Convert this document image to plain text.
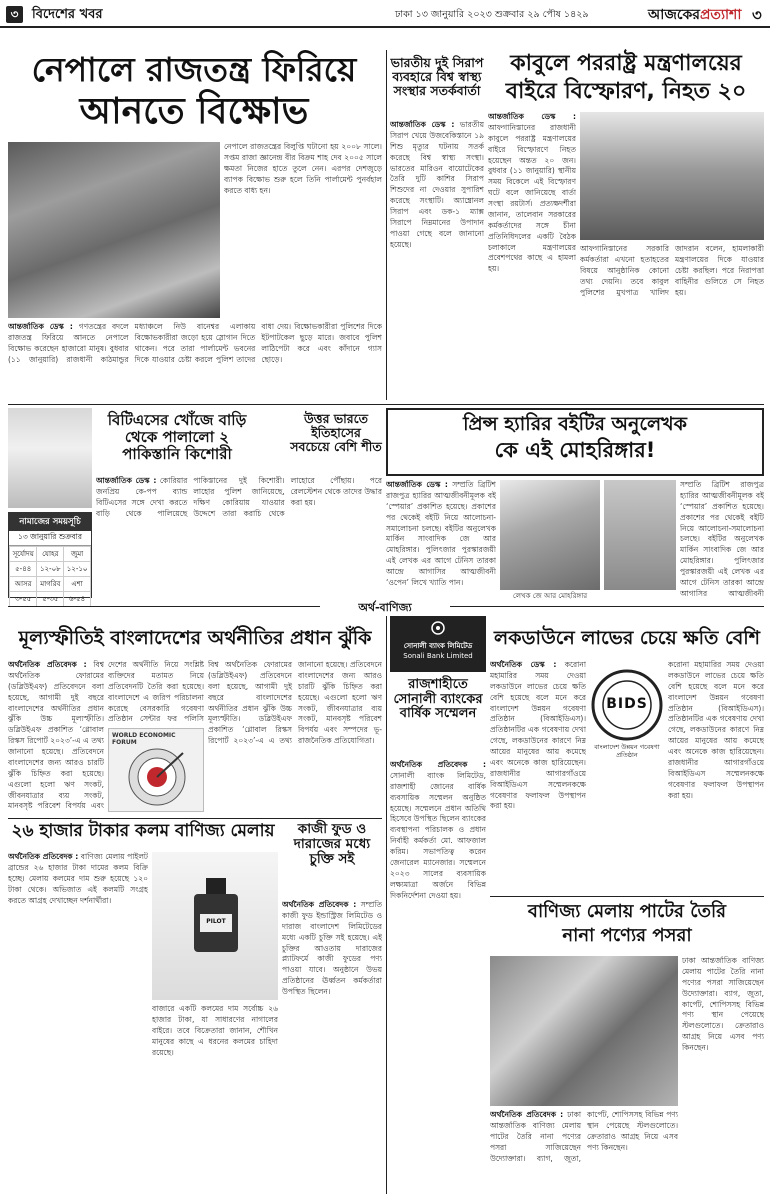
৩	বিদেশের খবর	ঢাকা ১৩ জানুয়ারি ২০২৩ শুক্রবার ২৯ পৌষ ১৪২৯	আজকেরপ্রত্যাশা ৩
নেপালে রাজতন্ত্র ফিরিয়ে
আনতে বিক্ষোভ
নেপালে রাজতন্ত্রের বিলুপ্তি ঘটানো হয় ২০০৮ সালে। সপ্তম রাজা জ্ঞানেন্দ্র বীর বিক্রম শাহ দেব ২০০৫ সালে ক্ষমতা নিজের হাতে তুলে নেন। এরপর দেশজুড়ে ব্যাপক বিক্ষোভ শুরু হলে তিনি পার্লামেন্ট পুনর্বহাল করতে বাধ্য হন।
আন্তর্জাতিক ডেস্ক : গণতন্ত্রের বদলে রাজতন্ত্র ফিরিয়ে আনতে নেপালে বিক্ষোভ করেছেন হাজারো মানুষ। বুধবার (১১ জানুয়ারি) রাজধানী কাঠমান্ডুর মধ্যাঞ্চলে নিউ বানেশ্বর এলাকায় বিক্ষোভকারীরা জড়ো হয়ে স্লোগান দিতে থাকেন। পরে তারা পার্লামেন্ট ভবনের দিকে যাওয়ার চেষ্টা করলে পুলিশ তাদের বাধা দেয়। বিক্ষোভকারীরা পুলিশের দিকে ইটপাটকেল ছুড়ে মারে। জবাবে পুলিশ লাঠিপেটা করে এবং কাঁদানে গ্যাস ছোড়ে।
ভারতীয় দুই সিরাপ ব্যবহারে বিশ্ব স্বাস্থ্য সংস্থার সতর্কবার্তা
আন্তর্জাতিক ডেস্ক : ভারতীয় সিরাপ খেয়ে উজবেকিস্তানে ১৯ শিশু মৃত্যুর ঘটনায় সতর্ক করেছে বিশ্ব স্বাস্থ্য সংস্থা। ভারতের মারিওন বায়োটেকের তৈরি দুটি কাশির সিরাপ শিশুদের না দেওয়ার সুপারিশ করেছে সংস্থাটি। অ্যাম্ব্রোনল সিরাপ এবং ডক-১ ম্যাক্স সিরাপে নিম্নমানের উপাদান পাওয়া গেছে বলে জানানো হয়েছে।
কাবুলে পররাষ্ট্র মন্ত্রণালয়ের
বাইরে বিস্ফোরণ, নিহত ২০
আন্তর্জাতিক ডেস্ক : আফগানিস্তানের রাজধানী কাবুলে পররাষ্ট্র মন্ত্রণালয়ের বাইরে বিস্ফোরণে নিহত হয়েছেন অন্তত ২০ জন। বুধবার (১১ জানুয়ারি) স্থানীয় সময় বিকেলে এই বিস্ফোরণ ঘটে বলে জানিয়েছে বার্তা সংস্থা রয়টার্স। প্রত্যক্ষদর্শীরা জানান, তালেবান সরকারের কর্মকর্তাদের সঙ্গে চীনা প্রতিনিধিদলের একটি বৈঠক চলাকালে মন্ত্রণালয়ের প্রবেশপথের কাছে এ হামলা হয়।
আফগানিস্তানের সরকারি কর্মকর্তারা এখনো হতাহতের বিষয়ে আনুষ্ঠানিক কোনো তথ্য দেয়নি। তবে কাবুল পুলিশের মুখপাত্র খালিদ জাদরান বলেন, হামলাকারী মন্ত্রণালয়ের দিকে যাওয়ার চেষ্টা করছিল। পরে নিরাপত্তা বাহিনীর গুলিতে সে নিহত হয়।
বিটিএসের খোঁজে বাড়ি থেকে পালালো ২ পাকিস্তানি কিশোরী
আন্তর্জাতিক ডেস্ক : কোরিয়ার জনপ্রিয় কে-পপ ব্যান্ড বিটিএসের সঙ্গে দেখা করতে বাড়ি থেকে পালিয়েছে পাকিস্তানের দুই কিশোরী। লাহোর পুলিশ জানিয়েছে, দক্ষিণ কোরিয়ায় যাওয়ার উদ্দেশে তারা করাচি থেকে লাহোরে পৌঁছায়। পরে রেলস্টেশন থেকে তাদের উদ্ধার করা হয়।
নামাজের সময়সূচি
১৩ জানুয়ারি শুক্রবার
সূর্যোদয়	যোহর	জুমা
৫-৪৪	১২-০৮	১২-১০
আসর	মাগরিব	এশা
৩-৫৫	৫-৩৫	৬-৫৪
উত্তর ভারতে ইতিহাসের সবচেয়ে বেশি শীত
প্রিন্স হ্যারির বইটির অনুলেখক
কে এই মোহরিঙ্গার!
আন্তর্জাতিক ডেস্ক : সম্প্রতি ব্রিটিশ রাজপুত্র হ্যারির আত্মজীবনীমূলক বই ‘স্পেয়ার’ প্রকাশিত হয়েছে। প্রকাশের পর থেকেই বইটি নিয়ে আলোচনা-সমালোচনা চলছে। বইটির অনুলেখক মার্কিন সাংবাদিক জে আর মোহরিঙ্গার। পুলিৎজার পুরস্কারজয়ী এই লেখক এর আগে টেনিস তারকা আন্দ্রে আগাসির আত্মজীবনী ‘ওপেন’ লিখে খ্যাতি পান।
লেখক জে আর মোহরিঙ্গার
সম্প্রতি ব্রিটিশ রাজপুত্র হ্যারির আত্মজীবনীমূলক বই ‘স্পেয়ার’ প্রকাশিত হয়েছে। প্রকাশের পর থেকেই বইটি নিয়ে আলোচনা-সমালোচনা চলছে। বইটির অনুলেখক মার্কিন সাংবাদিক জে আর মোহরিঙ্গার। পুলিৎজার পুরস্কারজয়ী এই লেখক এর আগে টেনিস তারকা আন্দ্রে আগাসির আত্মজীবনী
অর্থ-বাণিজ্য
মূল্যস্ফীতিই বাংলাদেশের অর্থনীতির প্রধান ঝুঁকি
অর্থনৈতিক প্রতিবেদক : বিশ্ব অর্থনৈতিক ফোরামের (ডব্লিউইএফ) প্রতিবেদনে বলা হয়েছে, আগামী দুই বছরে বাংলাদেশের অর্থনীতির প্রধান ঝুঁকি উচ্চ মূল্যস্ফীতি। ডব্লিউইএফ প্রকাশিত ‘গ্লোবাল রিস্কস রিপোর্ট ২০২৩’-এ এ তথ্য জানানো হয়েছে। প্রতিবেদনে বাংলাদেশের জন্য আরও চারটি ঝুঁকি চিহ্নিত করা হয়েছে। এগুলো হলো ঋণ সংকট, জীবনযাত্রার ব্যয় সংকট, মানবসৃষ্ট পরিবেশ বিপর্যয় এবং
দেশের অর্থনীতি নিয়ে সংশ্লিষ্ট ব্যক্তিদের মতামত নিয়ে প্রতিবেদনটি তৈরি করা হয়েছে। বাংলাদেশে এ জরিপ পরিচালনা করেছে বেসরকারি গবেষণা প্রতিষ্ঠান সেন্টার ফর পলিসি
WORLD ECONOMIC FORUM
বিশ্ব অর্থনৈতিক ফোরামের (ডব্লিউইএফ) প্রতিবেদনে বলা হয়েছে, আগামী দুই বছরে বাংলাদেশের অর্থনীতির প্রধান ঝুঁকি উচ্চ মূল্যস্ফীতি। ডব্লিউইএফ প্রকাশিত ‘গ্লোবাল রিস্কস রিপোর্ট ২০২৩’-এ এ তথ্য জানানো হয়েছে। প্রতিবেদনে বাংলাদেশের জন্য আরও চারটি ঝুঁকি চিহ্নিত করা হয়েছে। এগুলো হলো ঋণ সংকট, জীবনযাত্রার ব্যয় সংকট, মানবসৃষ্ট পরিবেশ বিপর্যয় এবং সম্পদের ভূ-রাজনৈতিক প্রতিযোগিতা।
সোনালী ব্যাংক লিমিটেড
Sonali Bank Limited
রাজশাহীতে সোনালী ব্যাংকের বার্ষিক সম্মেলন
অর্থনৈতিক প্রতিবেদক : সোনালী ব্যাংক লিমিটেড, রাজশাহী জোনের বার্ষিক ব্যবসায়িক সম্মেলন অনুষ্ঠিত হয়েছে। সম্মেলনে প্রধান অতিথি হিসেবে উপস্থিত ছিলেন ব্যাংকের ব্যবস্থাপনা পরিচালক ও প্রধান নির্বাহী কর্মকর্তা মো. আফজাল করিম। সভাপতিত্ব করেন জেনারেল ম্যানেজার। সম্মেলনে ২০২৩ সালের ব্যবসায়িক লক্ষ্যমাত্রা অর্জনে বিভিন্ন দিকনির্দেশনা দেওয়া হয়।
লকডাউনে লাভের চেয়ে ক্ষতি বেশি
অর্থনৈতিক ডেস্ক : করোনা মহামারির সময় দেওয়া লকডাউনে লাভের চেয়ে ক্ষতি বেশি হয়েছে বলে মনে করে বাংলাদেশ উন্নয়ন গবেষণা প্রতিষ্ঠান (বিআইডিএস)। প্রতিষ্ঠানটির এক গবেষণায় দেখা গেছে, লকডাউনের কারণে নিম্ন আয়ের মানুষের আয় কমেছে এবং অনেকে কাজ হারিয়েছেন। রাজধানীর আগারগাঁওয়ে বিআইডিএস সম্মেলনকক্ষে গবেষণার ফলাফল উপস্থাপন করা হয়।
BIDS
বাংলাদেশ উন্নয়ন গবেষণা প্রতিষ্ঠান
করোনা মহামারির সময় দেওয়া লকডাউনে লাভের চেয়ে ক্ষতি বেশি হয়েছে বলে মনে করে বাংলাদেশ উন্নয়ন গবেষণা প্রতিষ্ঠান (বিআইডিএস)। প্রতিষ্ঠানটির এক গবেষণায় দেখা গেছে, লকডাউনের কারণে নিম্ন আয়ের মানুষের আয় কমেছে এবং অনেকে কাজ হারিয়েছেন। রাজধানীর আগারগাঁওয়ে বিআইডিএস সম্মেলনকক্ষে গবেষণার ফলাফল উপস্থাপন করা হয়।
২৬ হাজার টাকার কলম বাণিজ্য মেলায়
অর্থনৈতিক প্রতিবেদক : বাণিজ্য মেলায় পাইলট ব্রান্ডের ২৬ হাজার টাকা দামের কলম বিক্রি হচ্ছে। মেলায় কলমের দাম শুরু হয়েছে ১২০ টাকা থেকে। অভিজাত এই কলমটি সংগ্রহ করতে আগ্রহ দেখাচ্ছেন দর্শনার্থীরা।
PILOT
বাজারে একটি কলমের দাম সর্বোচ্চ ২৬ হাজার টাকা, যা সাধারণের নাগালের বাইরে। তবে বিক্রেতারা জানান, শৌখিন মানুষের কাছে এ ধরনের কলমের চাহিদা রয়েছে।
কাজী ফুড ও দারাজের মধ্যে চুক্তি সই
অর্থনৈতিক প্রতিবেদক : সম্প্রতি কাজী ফুড ইন্ডাস্ট্রিজ লিমিটেড ও দারাজ বাংলাদেশ লিমিটেডের মধ্যে একটি চুক্তি সই হয়েছে। এই চুক্তির আওতায় দারাজের প্ল্যাটফর্মে কাজী ফুডের পণ্য পাওয়া যাবে। অনুষ্ঠানে উভয় প্রতিষ্ঠানের ঊর্ধ্বতন কর্মকর্তারা উপস্থিত ছিলেন।
বাণিজ্য মেলায় পাটের তৈরি
নানা পণ্যের পসরা
ঢাকা আন্তর্জাতিক বাণিজ্য মেলায় পাটের তৈরি নানা পণ্যের পসরা সাজিয়েছেন উদ্যোক্তারা। ব্যাগ, জুতা, কার্পেট, শোপিসসহ বিভিন্ন পণ্য স্থান পেয়েছে স্টলগুলোতে। ক্রেতারাও আগ্রহ নিয়ে এসব পণ্য কিনছেন।
অর্থনৈতিক প্রতিবেদক : ঢাকা আন্তর্জাতিক বাণিজ্য মেলায় পাটের তৈরি নানা পণ্যের পসরা সাজিয়েছেন উদ্যোক্তারা। ব্যাগ, জুতা, কার্পেট, শোপিসসহ বিভিন্ন পণ্য স্থান পেয়েছে স্টলগুলোতে। ক্রেতারাও আগ্রহ নিয়ে এসব পণ্য কিনছেন।
